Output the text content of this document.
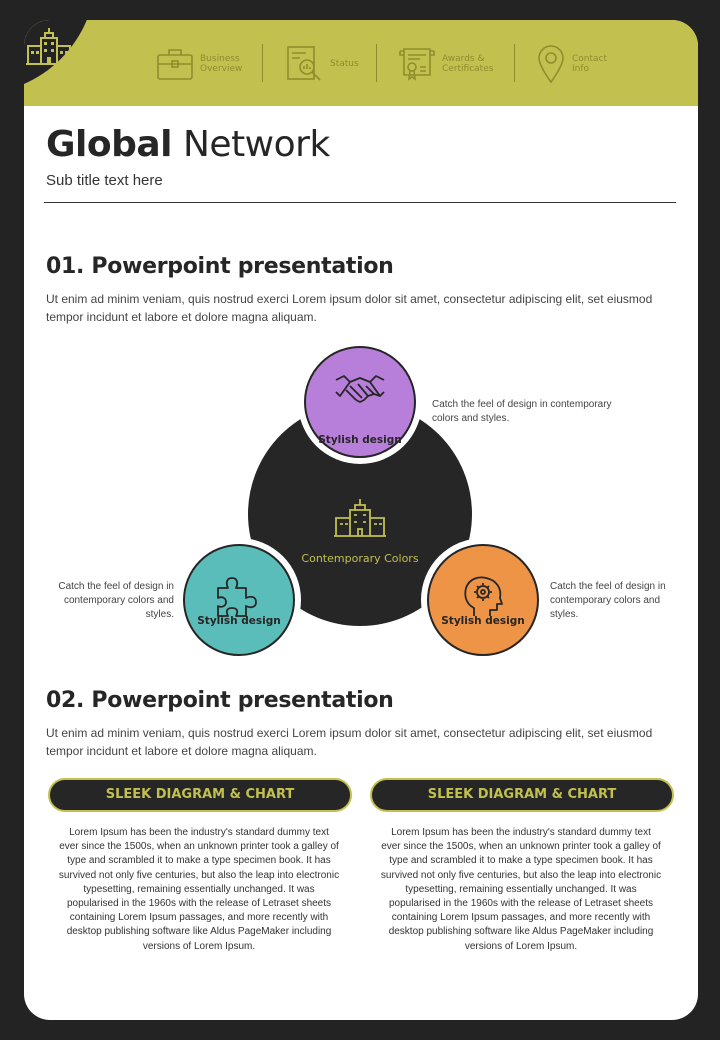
Business Overview	Status	Awards & Certificates
Contact Info
Global Network
Sub title text here
01. Powerpoint presentation
Ut enim ad minim veniam, quis nostrud exerci Lorem ipsum dolor sit amet, consectetur adipiscing elit, set eiusmod tempor incidunt et labore et dolore magna aliquam.
Contemporary Colors
Stylish design
Stylish design	Stylish design
Catch the feel of design in contemporary colors and styles.
Catch the feel of design in contemporary colors and styles.
Catch the feel of design in contemporary colors and styles.
02. Powerpoint presentation
Ut enim ad minim veniam, quis nostrud exerci Lorem ipsum dolor sit amet, consectetur adipiscing elit, set eiusmod tempor incidunt et labore et dolore magna aliquam.
SLEEK DIAGRAM & CHART
Lorem Ipsum has been the industry's standard dummy text ever since the 1500s, when an unknown printer took a galley of type and scrambled it to make a type specimen book. It has survived not only five centuries, but also the leap into electronic typesetting, remaining essentially unchanged. It was popularised in the 1960s with the release of Letraset sheets containing Lorem Ipsum passages, and more recently with desktop publishing software like Aldus PageMaker including versions of Lorem Ipsum.
SLEEK DIAGRAM & CHART
Lorem Ipsum has been the industry's standard dummy text ever since the 1500s, when an unknown printer took a galley of type and scrambled it to make a type specimen book. It has survived not only five centuries, but also the leap into electronic typesetting, remaining essentially unchanged. It was popularised in the 1960s with the release of Letraset sheets containing Lorem Ipsum passages, and more recently with desktop publishing software like Aldus PageMaker including versions of Lorem Ipsum.
